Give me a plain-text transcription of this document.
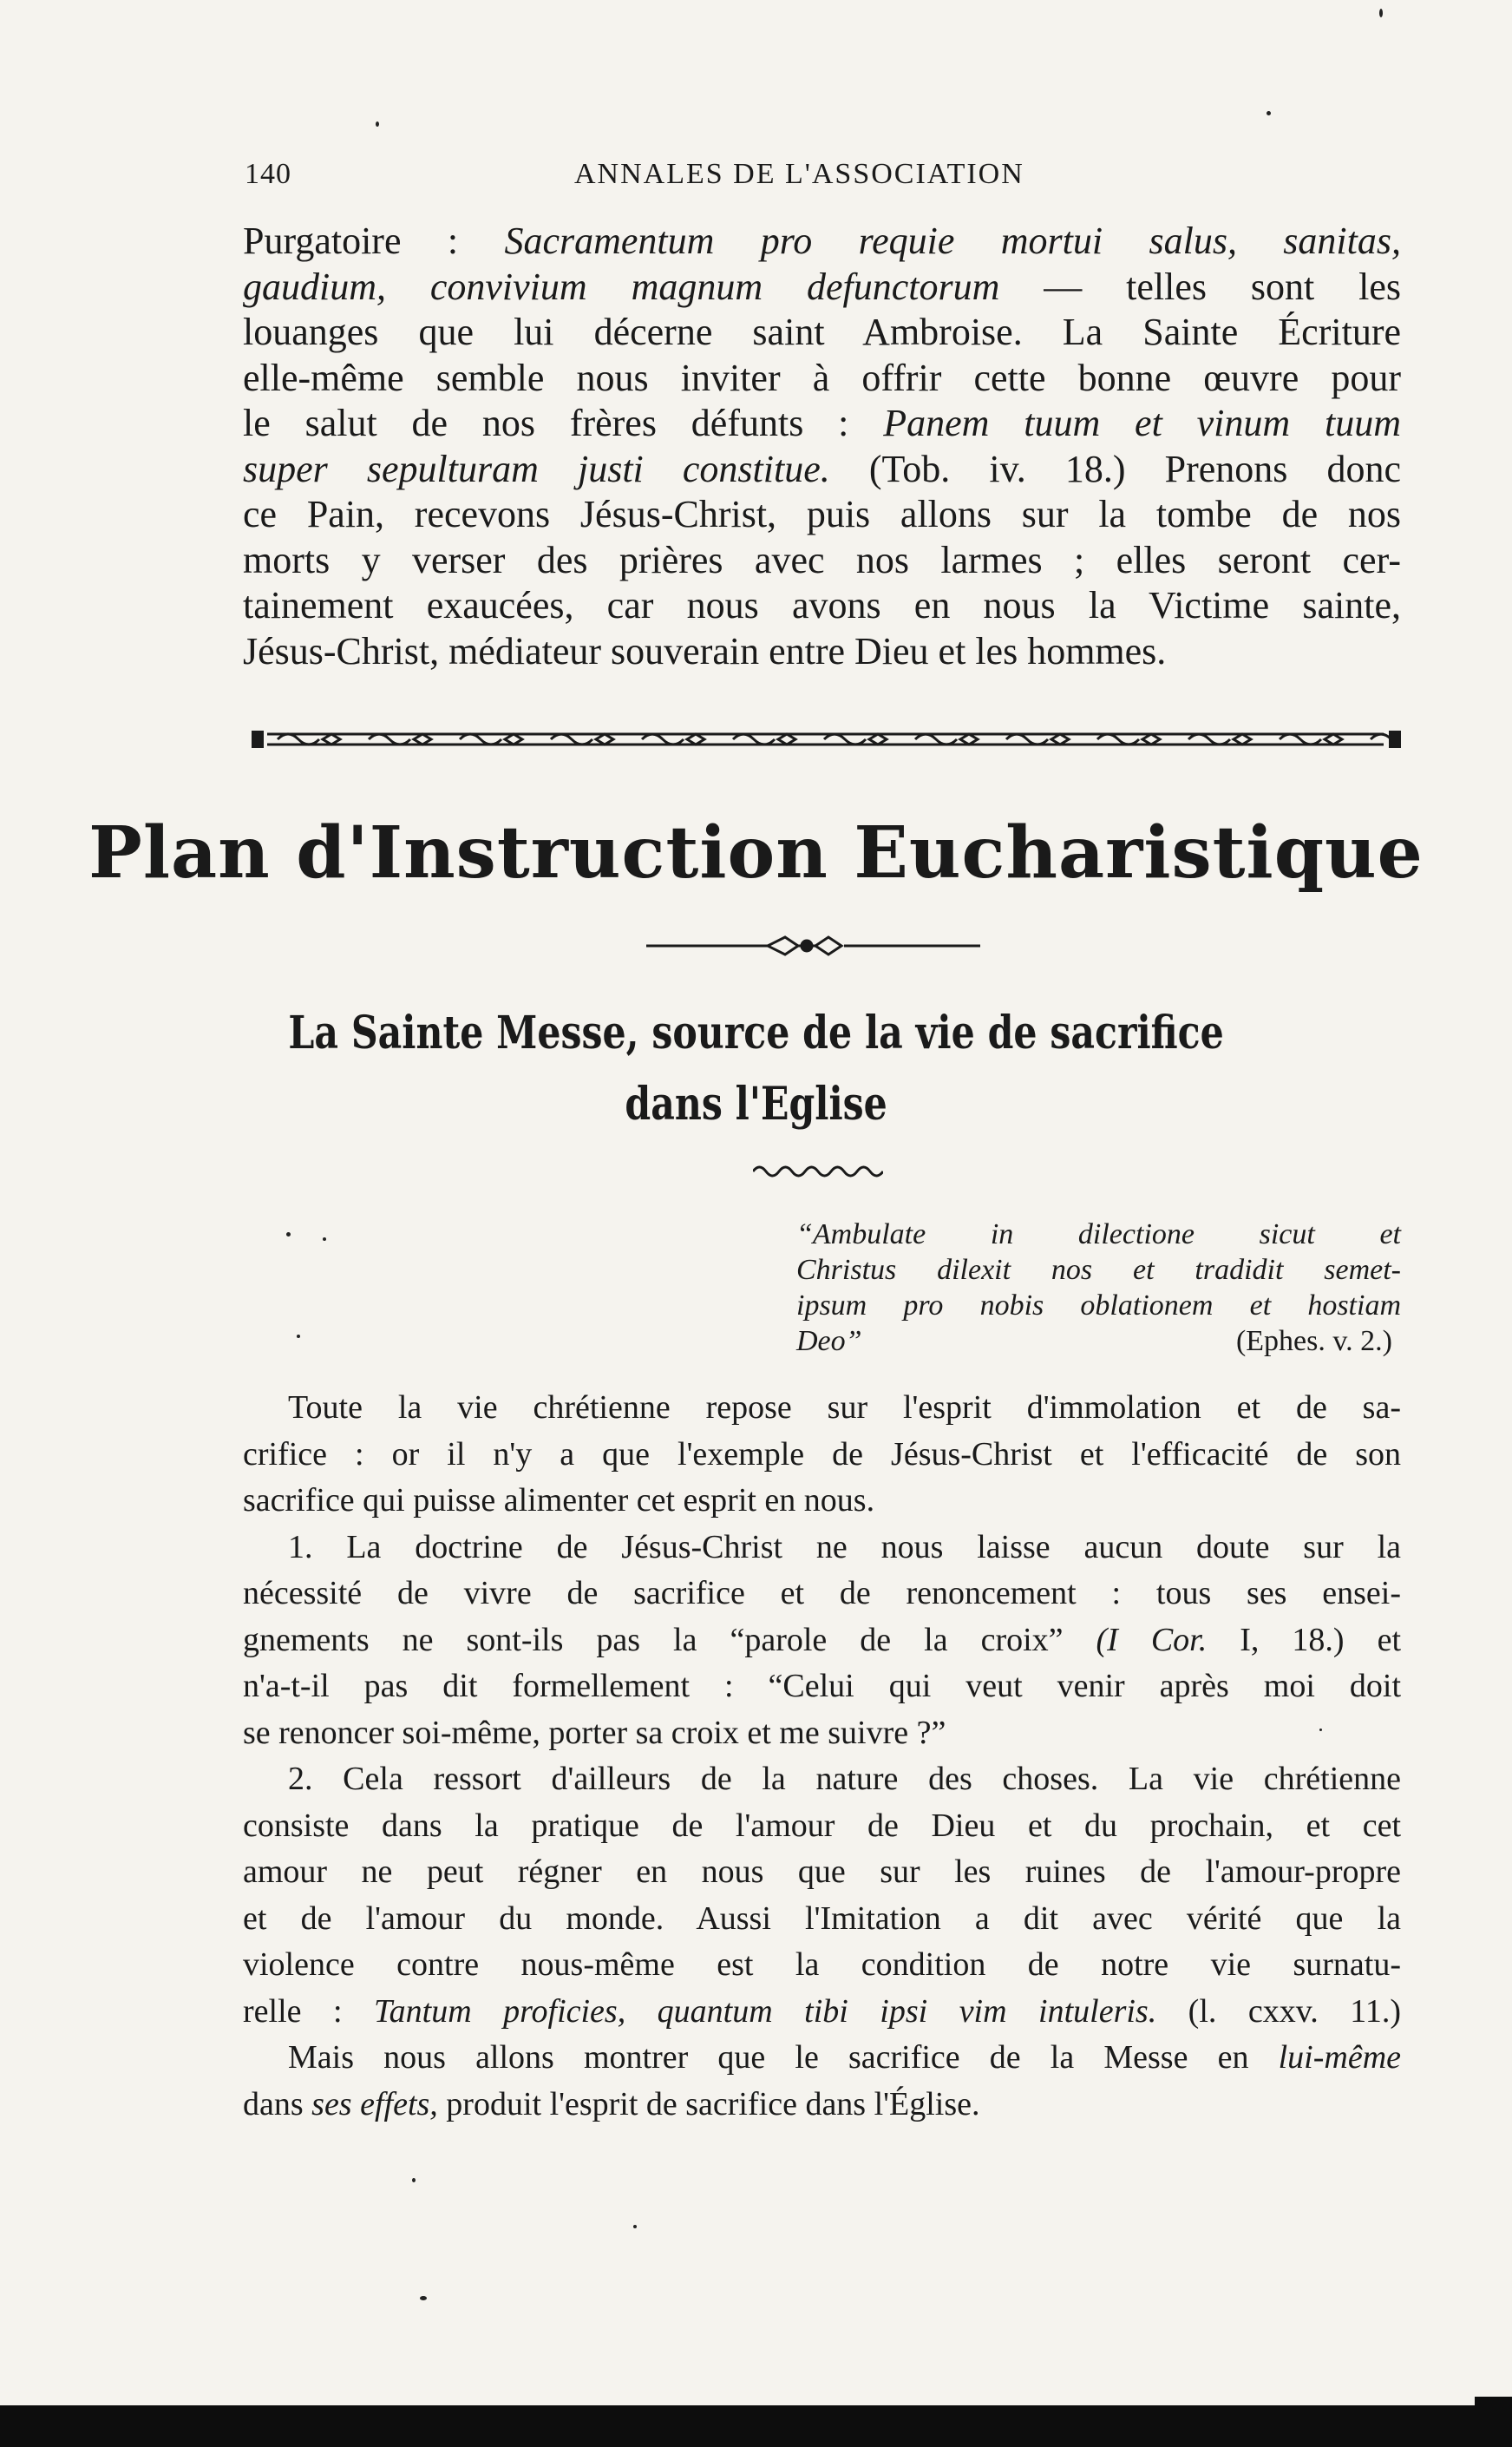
140	ANNALES DE L'ASSOCIATION
Purgatoire : Sacramentum pro requie mortui salus, sanitas,
gaudium, convivium magnum defunctorum — telles sont les
louanges que lui décerne saint Ambroise. La Sainte Écriture
elle-même semble nous inviter à offrir cette bonne œuvre pour
le salut de nos frères défunts : Panem tuum et vinum tuum
super sepulturam justi constitue. (Tob. iv. 18.) Prenons donc
ce Pain, recevons Jésus-Christ, puis allons sur la tombe de nos
morts y verser des prières avec nos larmes ; elles seront cer-
tainement exaucées, car nous avons en nous la Victime sainte,
Jésus-Christ, médiateur souverain entre Dieu et les hommes.
Plan d'Instruction Eucharistique
La Sainte Messe, source de la vie de sacrifice
dans l'Eglise
“Ambulate in dilectione sicut et
Christus dilexit nos et tradidit semet-
ipsum pro nobis oblationem et hostiam
Deo”	(Ephes. v. 2.)
Toute la vie chrétienne repose sur l'esprit d'immolation et de sa-
crifice : or il n'y a que l'exemple de Jésus-Christ et l'efficacité de son
sacrifice qui puisse alimenter cet esprit en nous.
1. La doctrine de Jésus-Christ ne nous laisse aucun doute sur la
nécessité de vivre de sacrifice et de renoncement : tous ses ensei-
gnements ne sont-ils pas la “parole de la croix” (I Cor. I, 18.) et
n'a-t-il pas dit formellement : “Celui qui veut venir après moi doit
se renoncer soi-même, porter sa croix et me suivre ?”
2. Cela ressort d'ailleurs de la nature des choses. La vie chrétienne
consiste dans la pratique de l'amour de Dieu et du prochain, et cet
amour ne peut régner en nous que sur les ruines de l'amour-propre
et de l'amour du monde. Aussi l'Imitation a dit avec vérité que la
violence contre nous-même est la condition de notre vie surnatu-
relle : Tantum proficies, quantum tibi ipsi vim intuleris. (l. cxxv. 11.)
Mais nous allons montrer que le sacrifice de la Messe en lui-même
dans ses effets, produit l'esprit de sacrifice dans l'Église.
